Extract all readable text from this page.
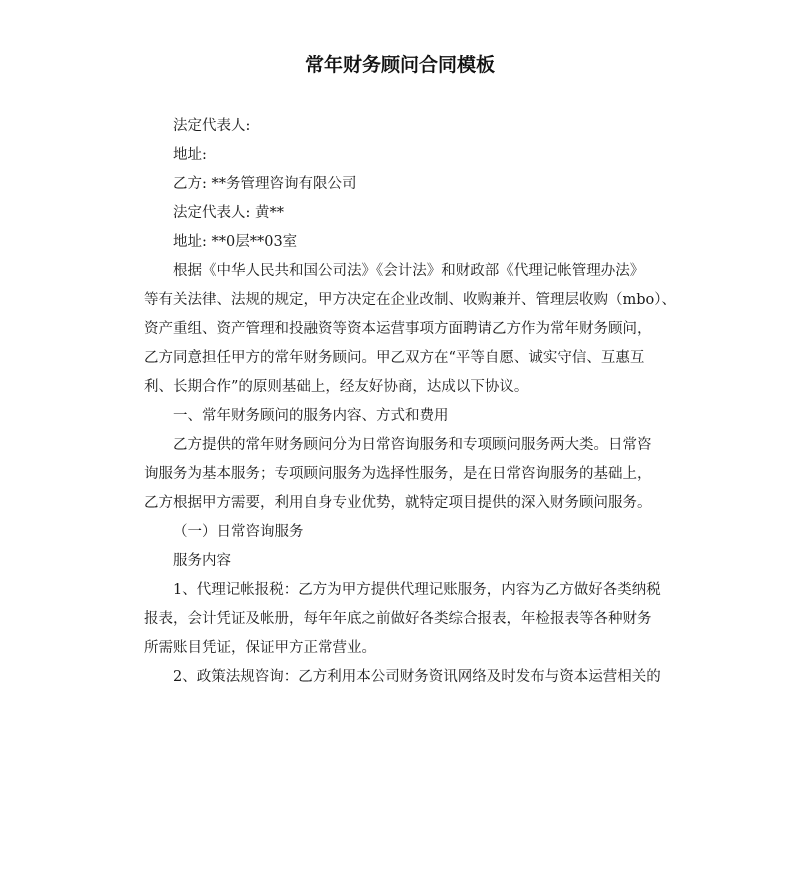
常年财务顾问合同模板
法定代表人:
地址:
乙方: **务管理咨询有限公司
法定代表人: 黄**
地址: **0层**03室
根据《中华人民共和国公司法》《会计法》和财政部《代理记帐管理办法》
等有关法律、法规的规定，甲方决定在企业改制、收购兼并、管理层收购（mbo）、
资产重组、资产管理和投融资等资本运营事项方面聘请乙方作为常年财务顾问，
乙方同意担任甲方的常年财务顾问。甲乙双方在“平等自愿、诚实守信、互惠互
利、长期合作”的原则基础上，经友好协商，达成以下协议。
一、常年财务顾问的服务内容、方式和费用
乙方提供的常年财务顾问分为日常咨询服务和专项顾问服务两大类。日常咨
询服务为基本服务；专项顾问服务为选择性服务，是在日常咨询服务的基础上，
乙方根据甲方需要，利用自身专业优势，就特定项目提供的深入财务顾问服务。
（一）日常咨询服务
服务内容
1、代理记帐报税：乙方为甲方提供代理记账服务，内容为乙方做好各类纳税
报表，会计凭证及帐册，每年年底之前做好各类综合报表，年检报表等各种财务
所需账目凭证，保证甲方正常营业。
2、政策法规咨询：乙方利用本公司财务资讯网络及时发布与资本运营相关的
